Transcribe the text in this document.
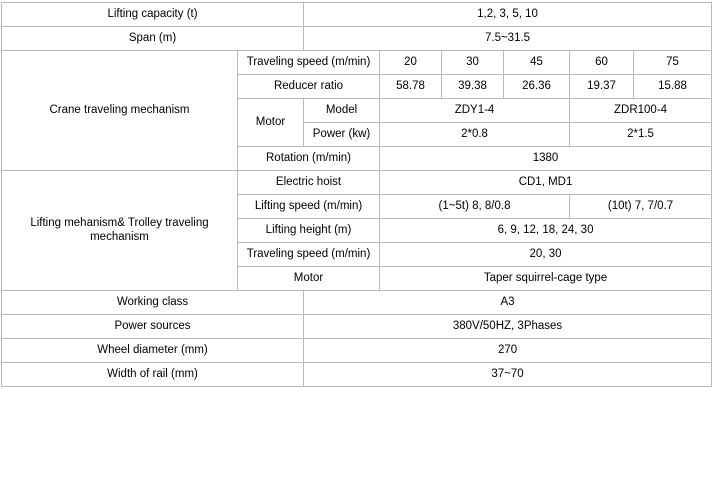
Lifting capacity (t)		1,2, 3, 5, 10					
Span (m)		7.5~31.5					
Crane traveling mechanism	Traveling speed (m/min)		20	30	45	60	75
	Reducer ratio		58.78	39.38	26.36	19.37	15.88
	Motor	Model	ZDY1-4			ZDR100-4	
		Power (kw)	2*0.8			2*1.5	
	Rotation (m/min)		1380				
Lifting mehanism& Trolley traveling mechanism	Electric hoist		CD1, MD1				
	Lifting speed (m/min)		(1~5t) 8, 8/0.8			(10t) 7, 7/0.7	
	Lifting height (m)		6, 9, 12, 18, 24, 30				
	Traveling speed (m/min)		20, 30				
	Motor		Taper squirrel-cage type				
Working class		A3					
Power sources		380V/50HZ, 3Phases					
Wheel diameter (mm)		270					
Width of rail (mm)		37~70					
